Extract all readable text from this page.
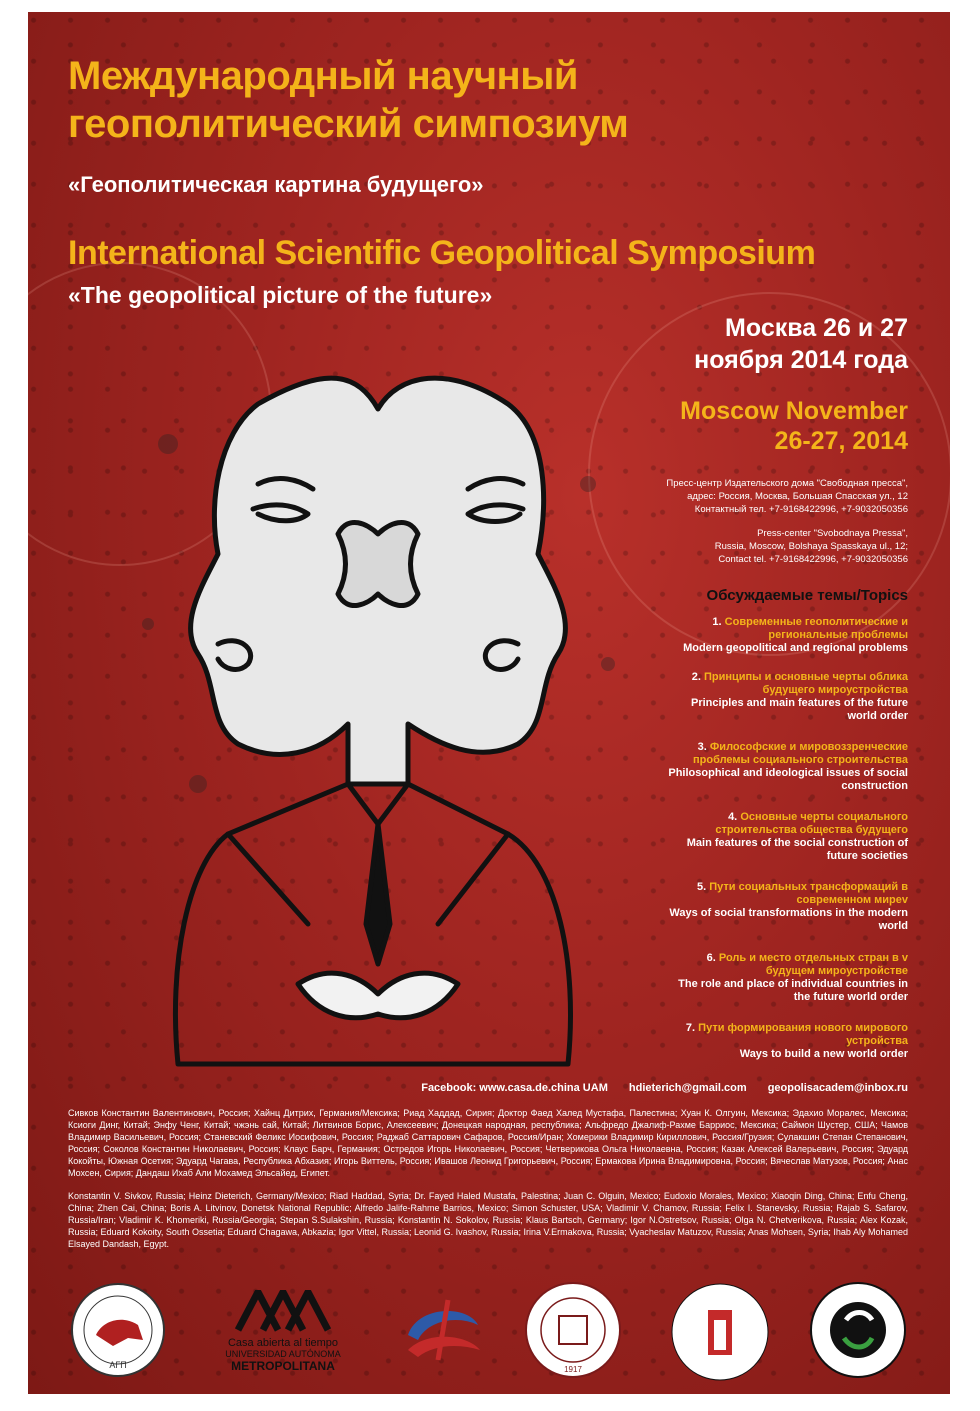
Международный научный
геополитический симпозиум
«Геополитическая картина будущего»
International Scientific Geopolitical Symposium
«The geopolitical picture of the future»
Москва 26 и 27
ноября 2014 года
Moscow November
26-27, 2014
Пресс-центр Издательского дома "Свободная пресса",
адрес: Россия, Москва, Большая Спасская ул., 12
Контактный тел. +7-9168422996, +7-9032050356
Press-center "Svobodnaya Pressa",
Russia, Moscow, Bolshaya Spasskaya ul., 12;
Contact tel. +7-9168422996, +7-9032050356
Обсуждаемые темы/Topics
1. Современные геополитические и региональные проблемы
Modern geopolitical and regional problems
2. Принципы и основные черты облика будущего мироустройства
Principles and main features of the future world order
3. Философские и мировоззренческие проблемы социального строительства
Philosophical and ideological issues of social construction
4. Основные черты социального строительства общества будущего
Main features of the social construction of future societies
5. Пути социальных трансформаций в современном миреv
Ways of social transformations in the modern world
6. Роль и место отдельных стран в v будущем мироустройстве
The role and place of individual countries in the future world order
7. Пути формирования нового мирового устройства
Ways to build a new world order
Facebook: www.casa.de.china UAM hdieterich@gmail.com geopolisacadem@inbox.ru
Сивков Константин Валентинович, Россия; Хайнц Дитрих, Германия/Мексика; Риад Хаддад, Сирия; Доктор Фаед Халед Мустафа, Палестина; Хуан К. Олгуин, Мексика; Эдахио Моралес, Мексика; Ксиоги Динг, Китай; Энфу Ченг, Китай; чжэнь сай, Китай; Литвинов Борис, Алексеевич; Донецкая народная, республика; Альфредо Джалиф-Рахме Барриос, Мексика; Саймон Шустер, США; Чамов Владимир Васильевич, Россия; Станевский Феликс Иосифович, Россия; Раджаб Саттарович Сафаров, Россия/Иран; Хомерики Владимир Кириллович, Россия/Грузия; Сулакшин Степан Степанович, Россия; Соколов Константин Николаевич, Россия; Клаус Барч, Германия; Остредов Игорь Николаевич, Россия; Четверикова Ольга Николаевна, Россия; Казак Алексей Валерьевич, Россия; Эдуард Кокойты, Южная Осетия; Эдуард Чагава, Республика Абхазия; Игорь Виттель, Россия; Ивашов Леонид Григорьевич, Россия; Ермакова Ирина Владимировна, Россия; Вячеслав Матузов, Россия; Анас Мохсен, Сирия; Дандаш Ихаб Али Мохамед Эльсайед, Египет.
Konstantin V. Sivkov, Russia; Heinz Dieterich, Germany/Mexico; Riad Haddad, Syria; Dr. Fayed Haled Mustafa, Palestina; Juan C. Olguin, Mexico; Eudoxio Morales, Mexico; Xiaoqin Ding, China; Enfu Cheng, China; Zhen Cai, China; Boris A. Litvinov, Donetsk National Republic; Alfredo Jalife-Rahme Barrios, Mexico; Simon Schuster, USA; Vladimir V. Chamov, Russia; Felix I. Stanevsky, Russia; Rajab S. Safarov, Russia/Iran; Vladimir K. Khomeriki, Russia/Georgia; Stepan S.Sulakshin, Russia; Konstantin N. Sokolov, Russia; Klaus Bartsch, Germany; Igor N.Ostretsov, Russia; Olga N. Chetverikova, Russia; Alex Kozak, Russia; Eduard Kokoity, South Ossetia; Eduard Chagawa, Abkazia; Igor Vittel, Russia; Leonid G. Ivashov, Russia; Irina V.Ermakova, Russia; Vyacheslav Matuzov, Russia; Anas Mohsen, Syria; Ihab Aly Mohamed Elsayed Dandash, Egypt.
АГП
Casa abierta al tiempo
UNIVERSIDAD AUTÓNOMA
METROPOLITANA	1917
